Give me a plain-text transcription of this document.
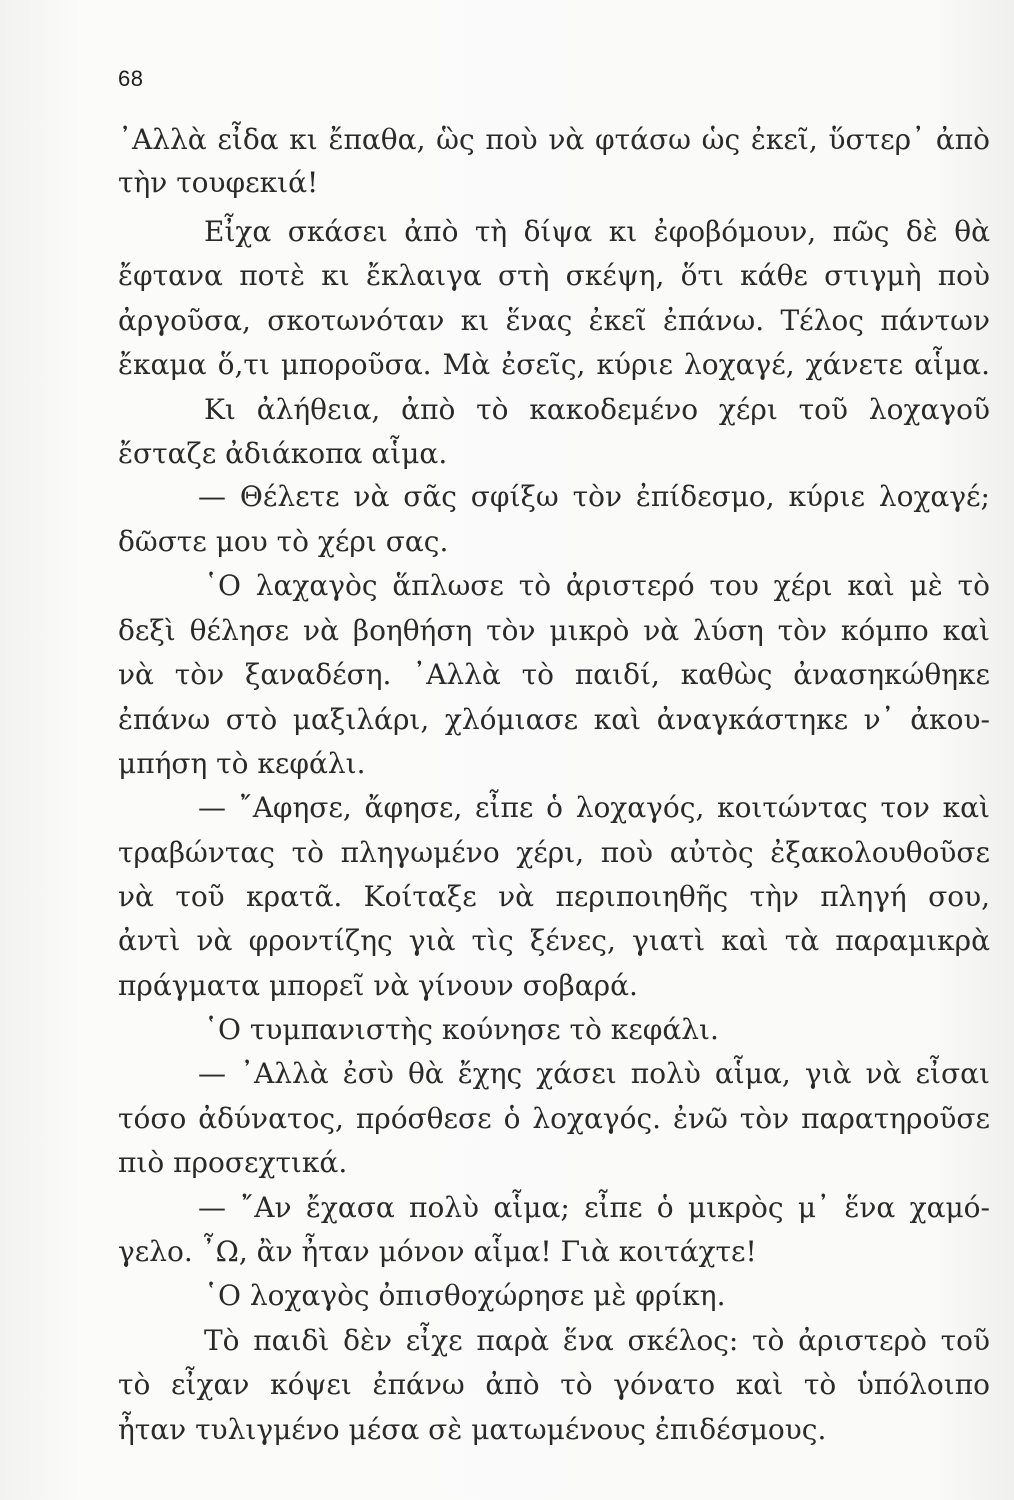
68
᾿Αλλὰ εἶδα κι ἔπαθα, ὣς ποὺ νὰ φτάσω ὡς ἐκεῖ, ὕστερ᾿ ἀπὸ
τὴν τουφεκιά!
Εἶχα σκάσει ἀπὸ τὴ δίψα κι ἐφοβόμουν, πῶς δὲ θὰ
ἔφτανα ποτὲ κι ἔκλαιγα στὴ σκέψη, ὅτι κάθε στιγμὴ ποὺ
ἀργοῦσα, σκοτωνόταν κι ἕνας ἐκεῖ ἐπάνω. Τέλος πάντων
ἔκαμα ὅ,τι μποροῦσα. Μὰ ἐσεῖς, κύριε λοχαγέ, χάνετε αἷμα.
Κι ἀλήθεια, ἀπὸ τὸ κακοδεμένο χέρι τοῦ λοχαγοῦ
ἔσταζε ἀδιάκοπα αἷμα.
— Θέλετε νὰ σᾶς σφίξω τὸν ἐπίδεσμο, κύριε λοχαγέ;
δῶστε μου τὸ χέρι σας.
῾Ο λαχαγὸς ἅπλωσε τὸ ἀριστερό του χέρι καὶ μὲ τὸ
δεξὶ θέλησε νὰ βοηθήση τὸν μικρὸ νὰ λύση τὸν κόμπο καὶ
νὰ τὸν ξαναδέση. ᾿Αλλὰ τὸ παιδί, καθὼς ἀνασηκώθηκε
ἐπάνω στὸ μαξιλάρι, χλόμιασε καὶ ἀναγκάστηκε ν᾿ ἀκου-
μπήση τὸ κεφάλι.
— ῎Αφησε, ἄφησε, εἶπε ὁ λοχαγός, κοιτώντας τον καὶ
τραβώντας τὸ πληγωμένο χέρι, ποὺ αὐτὸς ἐξακολουθοῦσε
νὰ τοῦ κρατᾶ. Κοίταξε νὰ περιποιηθῆς τὴν πληγή σου,
ἀντὶ νὰ φροντίζης γιὰ τὶς ξένες, γιατὶ καὶ τὰ παραμικρὰ
πράγματα μπορεῖ νὰ γίνουν σοβαρά.
῾Ο τυμπανιστὴς κούνησε τὸ κεφάλι.
— ᾿Αλλὰ ἐσὺ θὰ ἔχης χάσει πολὺ αἷμα, γιὰ νὰ εἶσαι
τόσο ἀδύνατος, πρόσθεσε ὁ λοχαγός. ἐνῶ τὸν παρατηροῦσε
πιὸ προσεχτικά.
— ῎Αν ἔχασα πολὺ αἷμα; εἶπε ὁ μικρὸς μ᾿ ἕνα χαμό-
γελο. ῏Ω, ἂν ἦταν μόνον αἷμα! Γιὰ κοιτάχτε!
῾Ο λοχαγὸς ὀπισθοχώρησε μὲ φρίκη.
Τὸ παιδὶ δὲν εἶχε παρὰ ἕνα σκέλος: τὸ ἀριστερὸ τοῦ
τὸ εἶχαν κόψει ἐπάνω ἀπὸ τὸ γόνατο καὶ τὸ ὑπόλοιπο
ἦταν τυλιγμένο μέσα σὲ ματωμένους ἐπιδέσμους.
